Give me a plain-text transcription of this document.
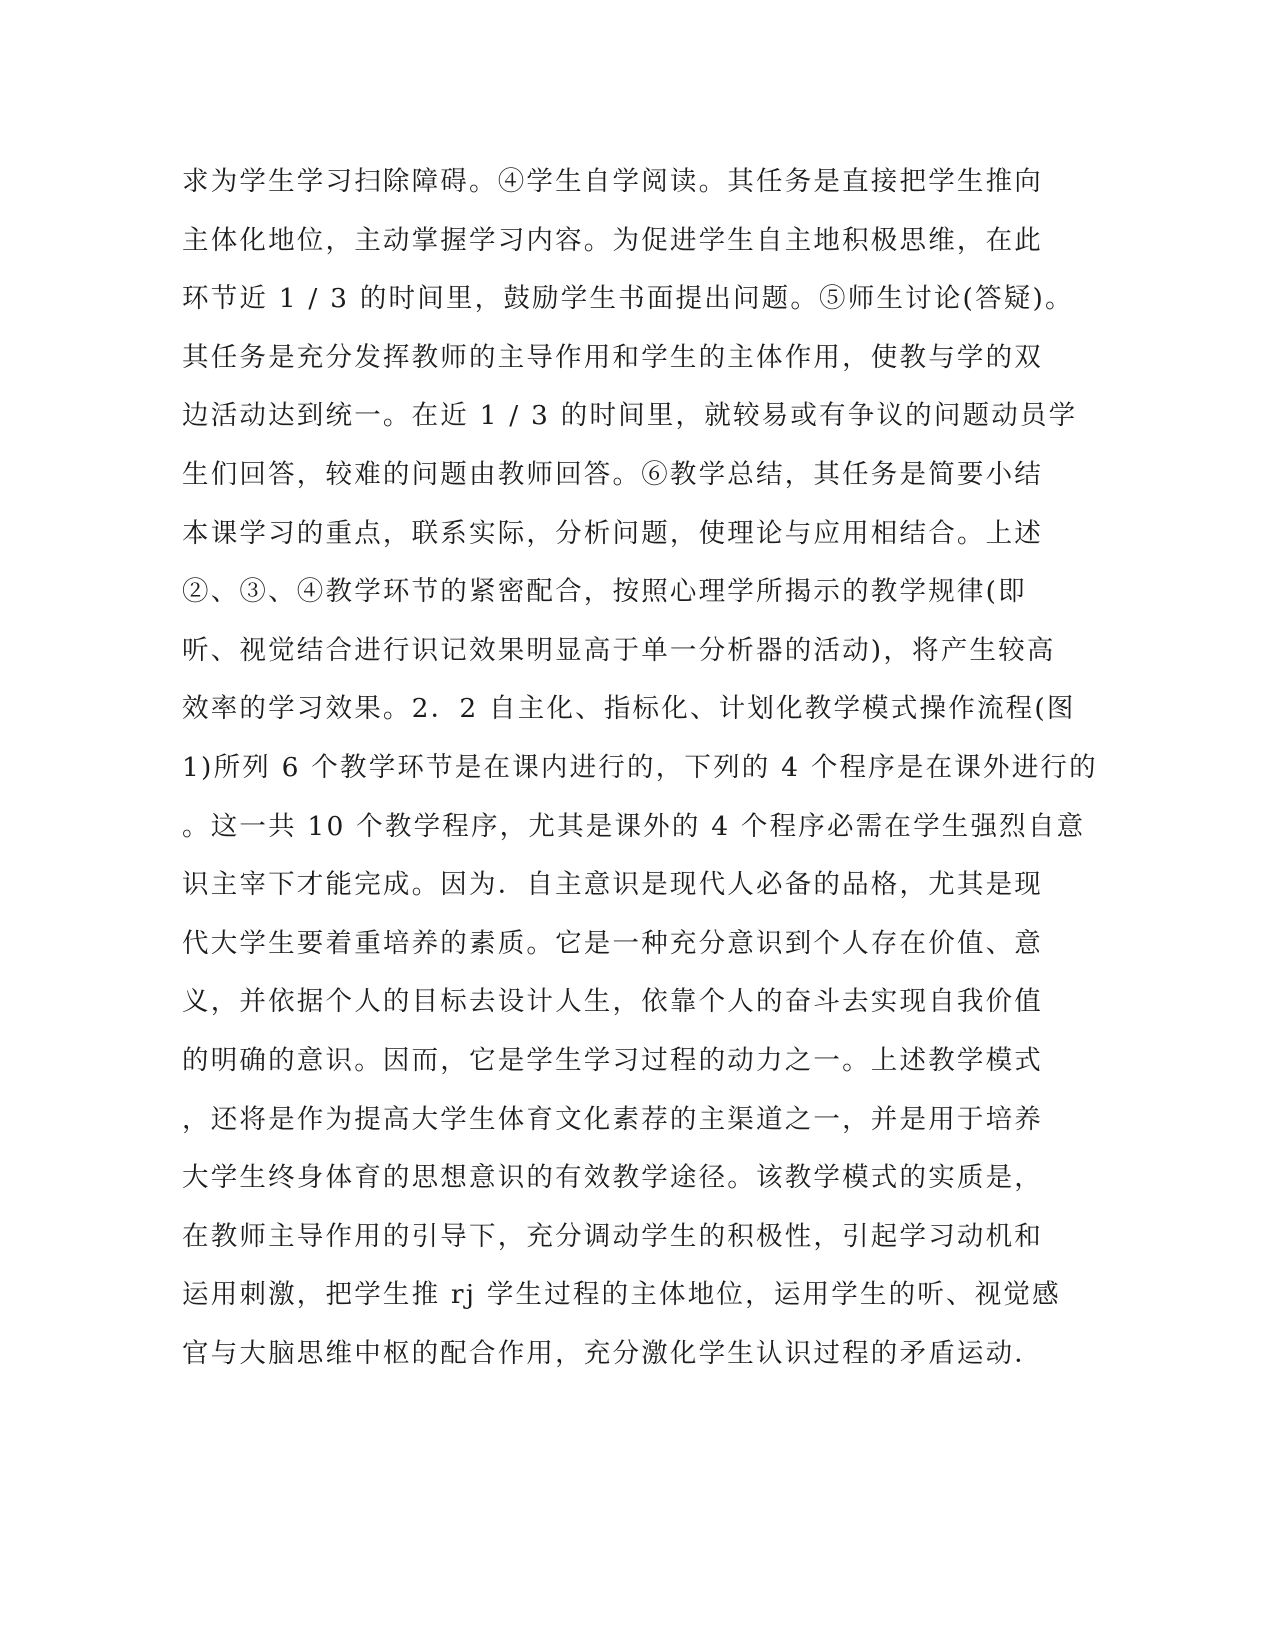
求为学生学习扫除障碍。④学生自学阅读。其任务是直接把学生推向
主体化地位，主动掌握学习内容。为促进学生自主地积极思维，在此
环节近 1 / 3 的时间里，鼓励学生书面提出问题。⑤师生讨论(答疑)。
其任务是充分发挥教师的主导作用和学生的主体作用，使教与学的双
边活动达到统一。在近 1 / 3 的时间里，就较易或有争议的问题动员学
生们回答，较难的问题由教师回答。⑥教学总结，其任务是简要小结
本课学习的重点，联系实际，分析问题，使理论与应用相结合。上述
②、③、④教学环节的紧密配合，按照心理学所揭示的教学规律(即
听、视觉结合进行识记效果明显高于单一分析器的活动)，将产生较高
效率的学习效果。2．2 自主化、指标化、计划化教学模式操作流程(图
1)所列 6 个教学环节是在课内进行的，下列的 4 个程序是在课外进行的
。这一共 10 个教学程序，尤其是课外的 4 个程序必需在学生强烈自意
识主宰下才能完成。因为．自主意识是现代人必备的品格，尤其是现
代大学生要着重培养的素质。它是一种充分意识到个人存在价值、意
义，并依据个人的目标去设计人生，依靠个人的奋斗去实现自我价值
的明确的意识。因而，它是学生学习过程的动力之一。上述教学模式
，还将是作为提高大学生体育文化素荐的主渠道之一，并是用于培养
大学生终身体育的思想意识的有效教学途径。该教学模式的实质是，
在教师主导作用的引导下，充分调动学生的积极性，引起学习动机和
运用刺激，把学生推 rj 学生过程的主体地位，运用学生的听、视觉感
官与大脑思维中枢的配合作用，充分激化学生认识过程的矛盾运动．
